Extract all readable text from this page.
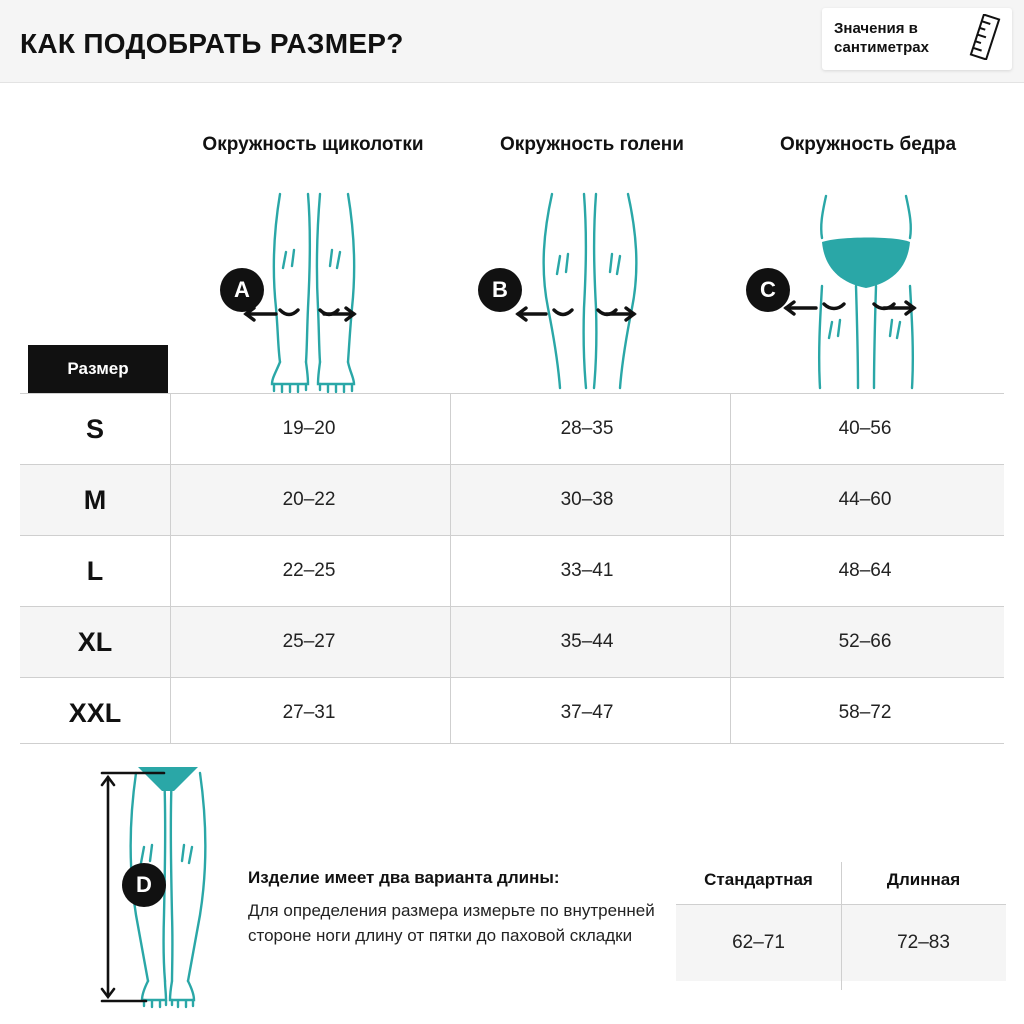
КАК ПОДОБРАТЬ РАЗМЕР?	Значения в сантиметрах
Окружность щиколотки	Окружность голени	Окружность бедра
A	B	C
Размер
S	19–20	28–35	40–56
M	20–22	30–38	44–60
L	22–25	33–41	48–64
XL	25–27	35–44	52–66
XXL	27–31	37–47	58–72
D	Изделие имеет два варианта длины:

Для определения размера измерьте по внутренней стороне ноги длину от пятки до паховой складки

Стандартная	Длинная
62–71	72–83
